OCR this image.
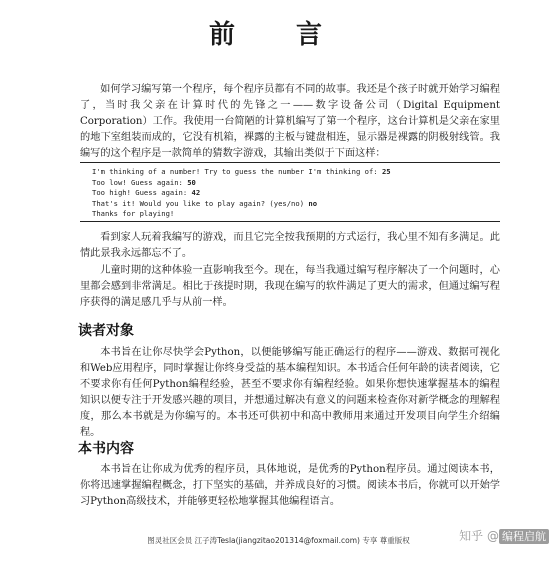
前 言

如何学习编写第一个程序，每个程序员都有不同的故事。我还是个孩子时就开始学习编程了，当时我父亲在计算时代的先锋之一——数字设备公司（Digital Equipment Corporation）工作。我使用一台简陋的计算机编写了第一个程序，这台计算机是父亲在家里的地下室组装而成的，它没有机箱，裸露的主板与键盘相连，显示器是裸露的阴极射线管。我编写的这个程序是一款简单的猜数字游戏，其输出类似于下面这样：

I'm thinking of a number! Try to guess the number I'm thinking of: 25
Too low! Guess again: 50
Too high! Guess again: 42
That's it! Would you like to play again? (yes/no) no
Thanks for playing!

看到家人玩着我编写的游戏，而且它完全按我预期的方式运行，我心里不知有多满足。此情此景我永远都忘不了。

儿童时期的这种体验一直影响我至今。现在，每当我通过编写程序解决了一个问题时，心里都会感到非常满足。相比于孩提时期，我现在编写的软件满足了更大的需求，但通过编写程序获得的满足感几乎与从前一样。

读者对象

本书旨在让你尽快学会Python，以便能够编写能正确运行的程序——游戏、数据可视化和Web应用程序，同时掌握让你终身受益的基本编程知识。本书适合任何年龄的读者阅读，它不要求你有任何Python编程经验，甚至不要求你有编程经验。如果你想快速掌握基本的编程知识以便专注于开发感兴趣的项目，并想通过解决有意义的问题来检查你对新学概念的理解程度，那么本书就是为你编写的。本书还可供初中和高中教师用来通过开发项目向学生介绍编程。

本书内容

本书旨在让你成为优秀的程序员，具体地说，是优秀的Python程序员。通过阅读本书，你将迅速掌握编程概念，打下坚实的基础，并养成良好的习惯。阅读本书后，你就可以开始学习Python高级技术，并能够更轻松地掌握其他编程语言。

图灵社区会员 江子涛Tesla(jiangzitao201314@foxmail.com) 专享 尊重版权	知乎 @ 编程启航
